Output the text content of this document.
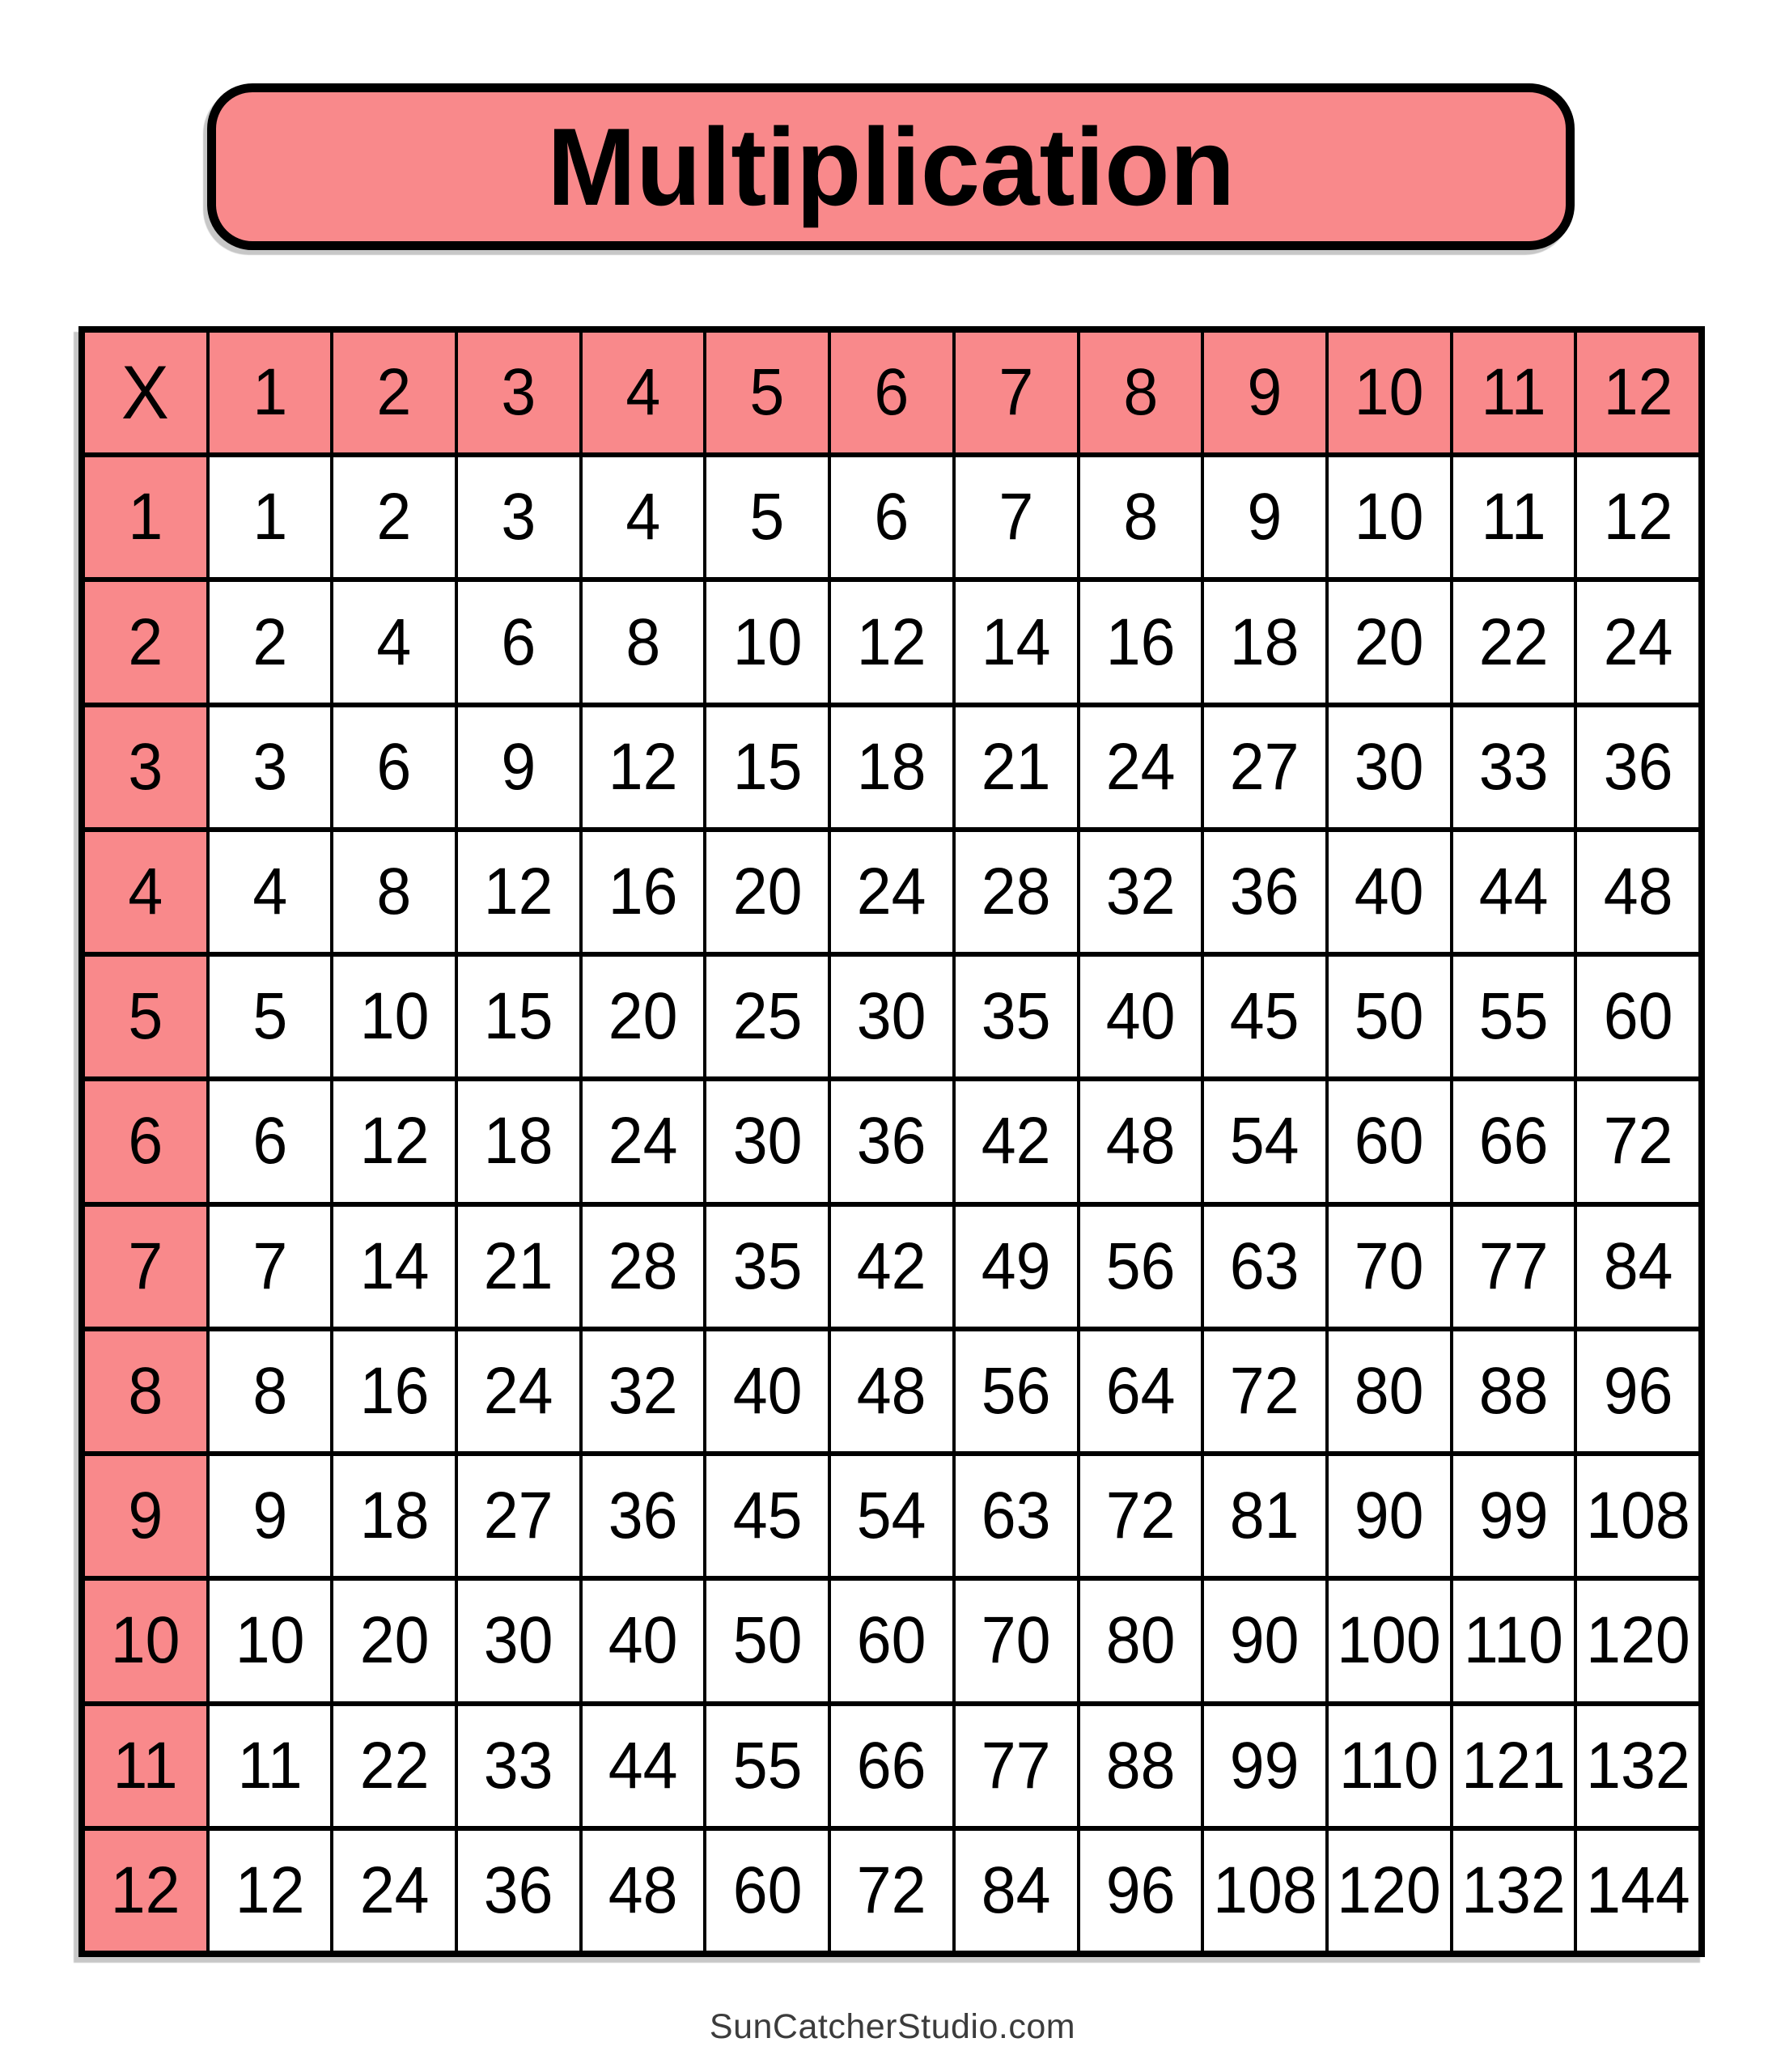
Multiplication
X 1 2 3 4 5 6 7 8 9 10 11 12
1 1 2 3 4 5 6 7 8 9 10 11 12
2 2 4 6 8 10 12 14 16 18 20 22 24
3 3 6 9 12 15 18 21 24 27 30 33 36
4 4 8 12 16 20 24 28 32 36 40 44 48
5 5 10 15 20 25 30 35 40 45 50 55 60
6 6 12 18 24 30 36 42 48 54 60 66 72
7 7 14 21 28 35 42 49 56 63 70 77 84
8 8 16 24 32 40 48 56 64 72 80 88 96
9 9 18 27 36 45 54 63 72 81 90 99 108
10 10 20 30 40 50 60 70 80 90 100 110 120
11 11 22 33 44 55 66 77 88 99 110 121 132
12 12 24 36 48 60 72 84 96 108 120 132 144
SunCatcherStudio.com
